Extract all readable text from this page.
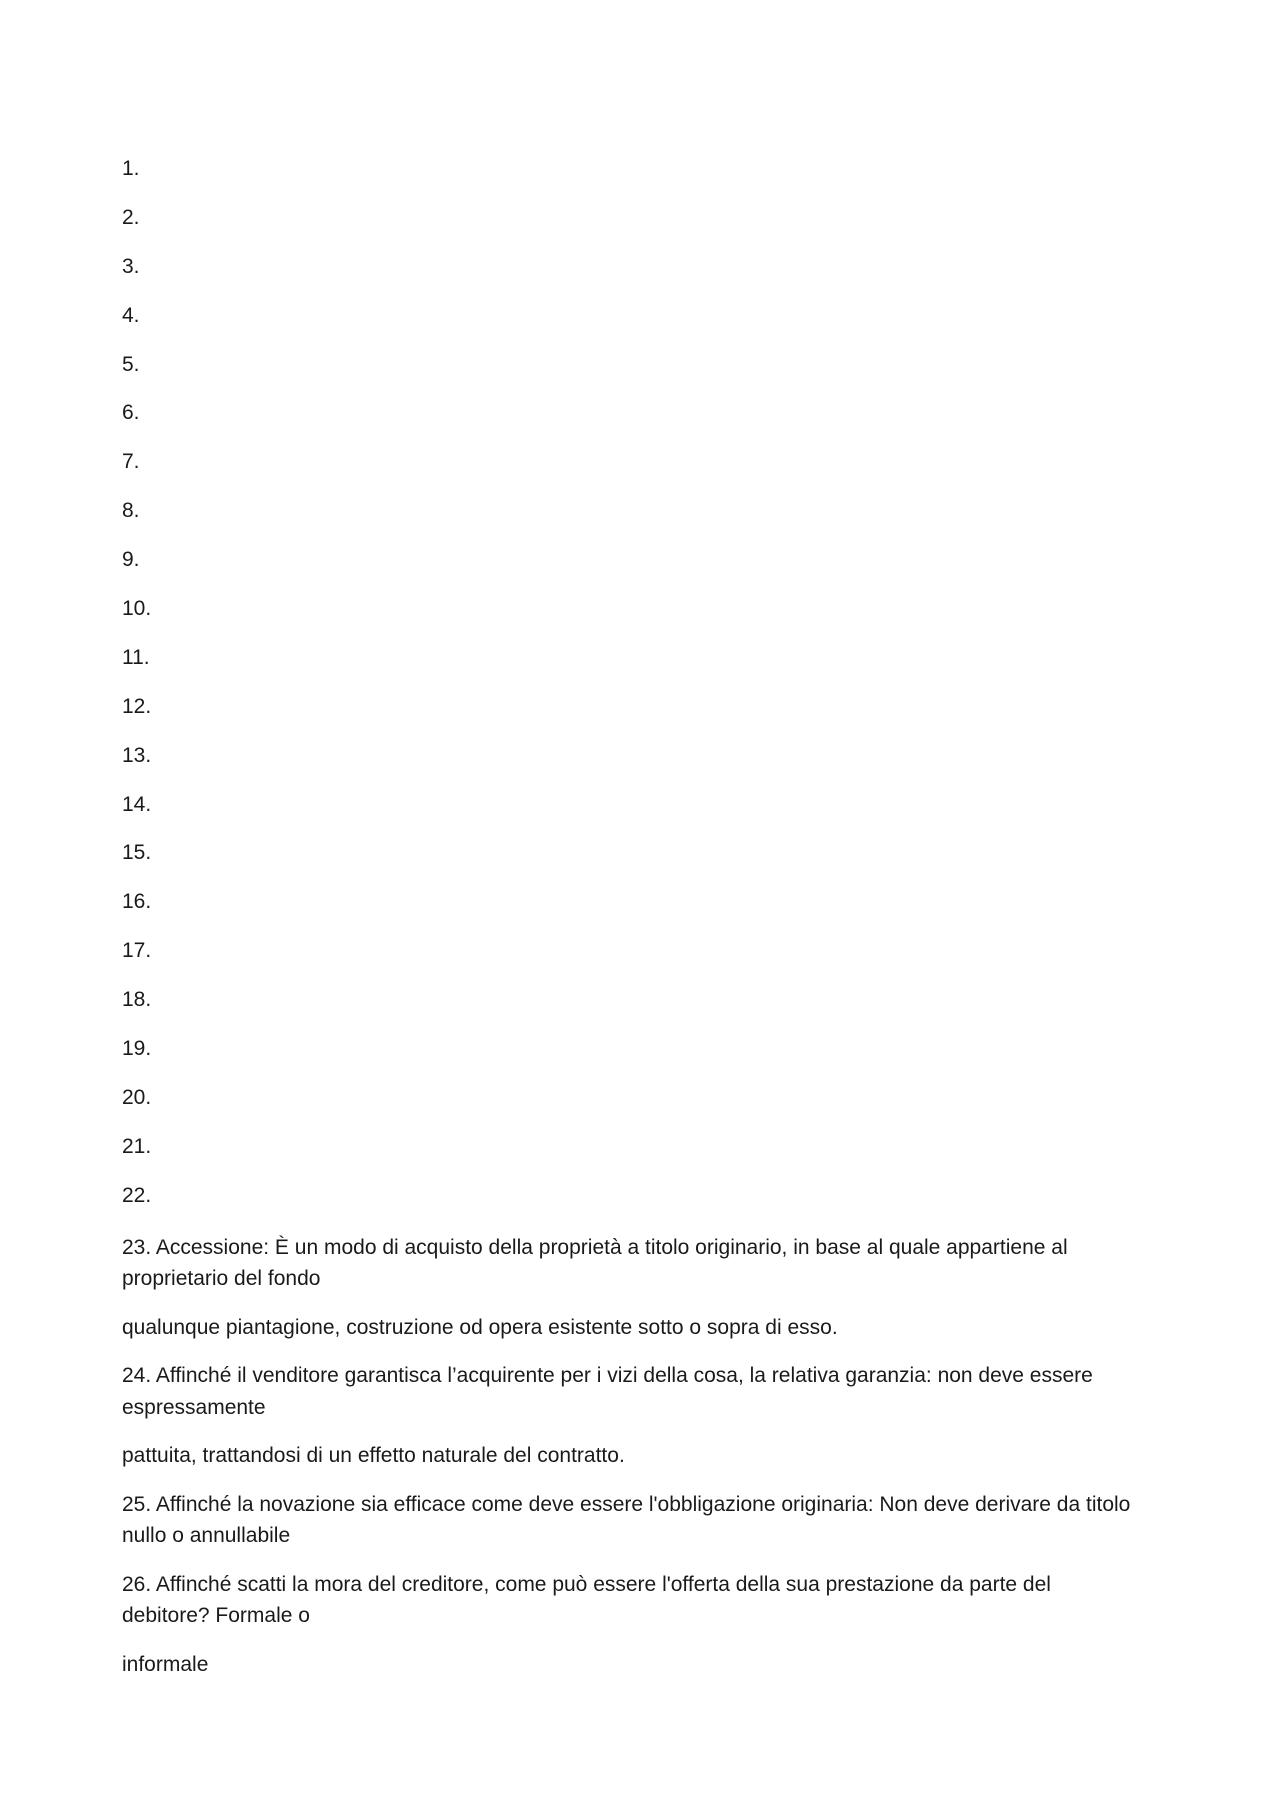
1.
2.
3.
4.
5.
6.
7.
8.
9.
10.
11.
12.
13.
14.
15.
16.
17.
18.
19.
20.
21.
22.

23. Accessione: È un modo di acquisto della proprietà a titolo originario, in base al quale appartiene al proprietario del fondo

qualunque piantagione, costruzione od opera esistente sotto o sopra di esso.

24. Affinché il venditore garantisca l’acquirente per i vizi della cosa, la relativa garanzia: non deve essere espressamente

pattuita, trattandosi di un effetto naturale del contratto.

25. Affinché la novazione sia efficace come deve essere l'obbligazione originaria: Non deve derivare da titolo nullo o annullabile

26. Affinché scatti la mora del creditore, come può essere l'offerta della sua prestazione da parte del debitore? Formale o

informale
